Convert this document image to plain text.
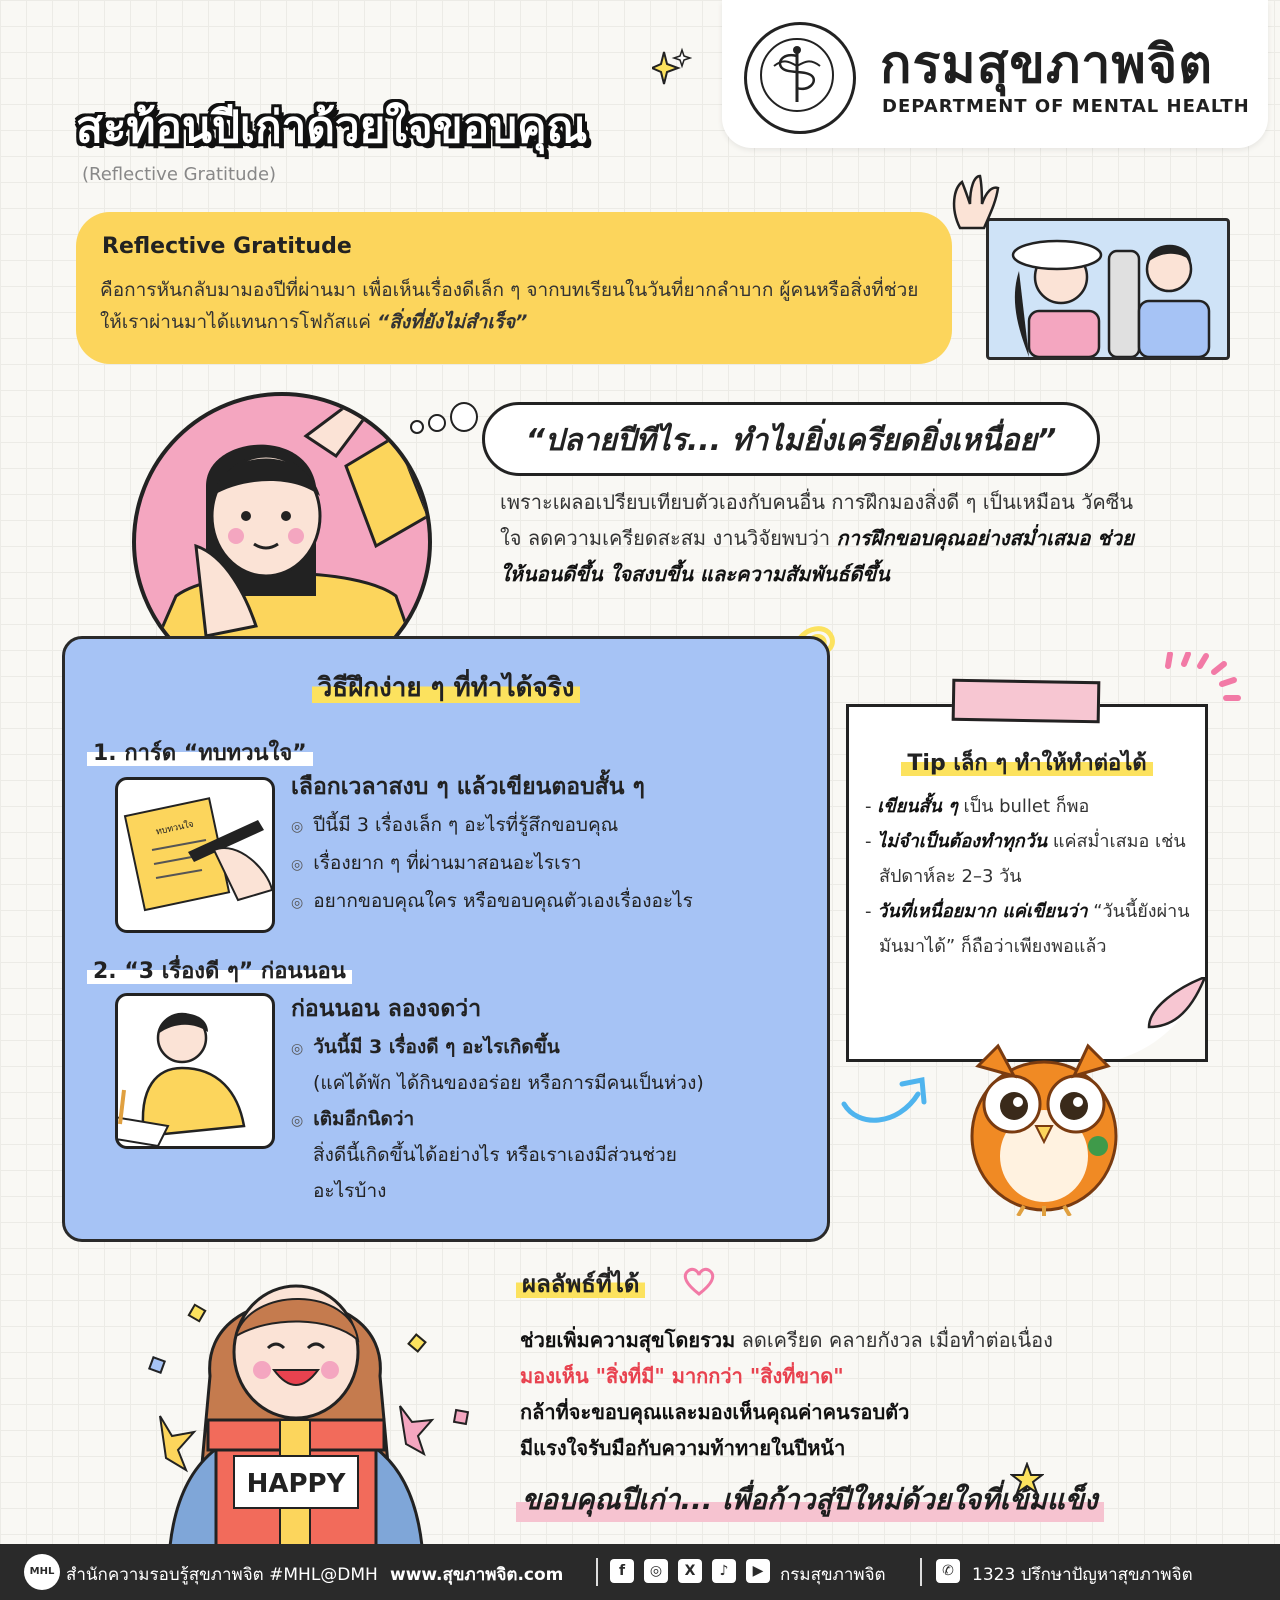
กรมสุขภาพจิต
DEPARTMENT OF MENTAL HEALTH
สะท้อนปีเก่าด้วยใจขอบคุณ
(Reflective Gratitude)
Reflective Gratitude
คือการหันกลับมามองปีที่ผ่านมา เพื่อเห็นเรื่องดีเล็ก ๆ จากบทเรียนในวันที่ยากลำบาก ผู้คนหรือสิ่งที่ช่วยให้เราผ่านมาได้แทนการโฟกัสแค่ “สิ่งที่ยังไม่สำเร็จ”
“ปลายปีทีไร... ทำไมยิ่งเครียดยิ่งเหนื่อย”
เพราะเผลอเปรียบเทียบตัวเองกับคนอื่น การฝึกมองสิ่งดี ๆ เป็นเหมือน วัคซีนใจ ลดความเครียดสะสม งานวิจัยพบว่า การฝึกขอบคุณอย่างสม่ำเสมอ ช่วยให้นอนดีขึ้น ใจสงบขึ้น และความสัมพันธ์ดีขึ้น
วิธีฝึกง่าย ๆ ที่ทำได้จริง
1. การ์ด “ทบทวนใจ”
ทบทวนใจ
เลือกเวลาสงบ ๆ แล้วเขียนตอบสั้น ๆ
◎ ปีนี้มี 3 เรื่องเล็ก ๆ อะไรที่รู้สึกขอบคุณ
◎ เรื่องยาก ๆ ที่ผ่านมาสอนอะไรเรา
◎ อยากขอบคุณใคร หรือขอบคุณตัวเองเรื่องอะไร
2. “3 เรื่องดี ๆ” ก่อนนอน
ก่อนนอน ลองจดว่า
◎ วันนี้มี 3 เรื่องดี ๆ อะไรเกิดขึ้น
(แค่ได้พัก ได้กินของอร่อย หรือการมีคนเป็นห่วง)
◎ เติมอีกนิดว่า
สิ่งดีนี้เกิดขึ้นได้อย่างไร หรือเราเองมีส่วนช่วย
อะไรบ้าง
Tip เล็ก ๆ ทำให้ทำต่อได้
- เขียนสั้น ๆ เป็น bullet ก็พอ
- ไม่จำเป็นต้องทำทุกวัน แค่สม่ำเสมอ เช่น สัปดาห์ละ 2–3 วัน
- วันที่เหนื่อยมาก แค่เขียนว่า “วันนี้ยังผ่านมันมาได้” ก็ถือว่าเพียงพอแล้ว
HAPPY
ผลลัพธ์ที่ได้
ช่วยเพิ่มความสุขโดยรวม ลดเครียด คลายกังวล เมื่อทำต่อเนื่อง
มองเห็น "สิ่งที่มี" มากกว่า "สิ่งที่ขาด"
กล้าที่จะขอบคุณและมองเห็นคุณค่าคนรอบตัว
มีแรงใจรับมือกับความท้าทายในปีหน้า
ขอบคุณปีเก่า... เพื่อก้าวสู่ปีใหม่ด้วยใจที่เข้มแข็ง
MHL สำนักความรอบรู้สุขภาพจิต #MHL@DMH www.สุขภาพจิต.com	f	◎	X	♪	▶ กรมสุขภาพจิต	✆	1323 ปรึกษาปัญหาสุขภาพจิต
